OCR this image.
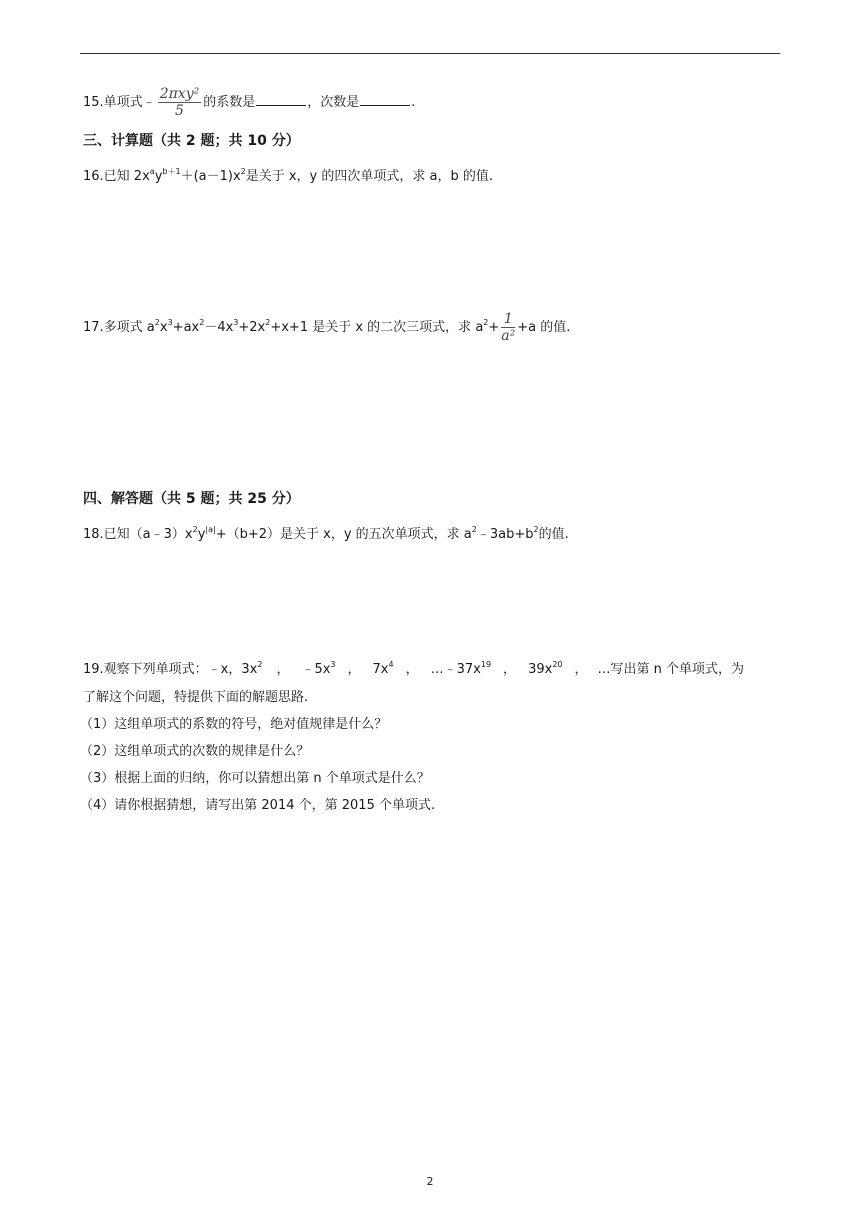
15.单项式﹣ $\frac{\text{2πxy²}}{5}$ 的系数是	，次数是	.
三、计算题（共 2 题；共 10 分）
16.已知 $2x^ay^{b+1}+(a-1)x^2$是关于 x，y 的四次单项式，求 a，b 的值.
17.多项式 $a^2x^3+ax^2-4x^3+2x^2+x+1$ 是关于 x 的二次三项式，求 $a^2+ \frac{1}{\text{a²}} +a$ 的值.
四、解答题（共 5 题；共 25 分）
18.已知$(a﹣3)x^2y^{|a|}+(b+2)$是关于 x，y 的五次单项式，求 $a^2﹣3ab+b^2$的值.
19.观察下列单项式：﹣x，$3x^2$ ， $﹣5x^3$ ， $7x^4$ ， $\dots﹣37x^{19}$ ， $39x^{20}$ ， …写出第 n 个单项式，为
了解这个问题，特提供下面的解题思路.
（1）这组单项式的系数的符号，绝对值规律是什么？
（2）这组单项式的次数的规律是什么？
（3）根据上面的归纳，你可以猜想出第 n 个单项式是什么？
（4）请你根据猜想，请写出第 2014 个，第 2015 个单项式.
2
